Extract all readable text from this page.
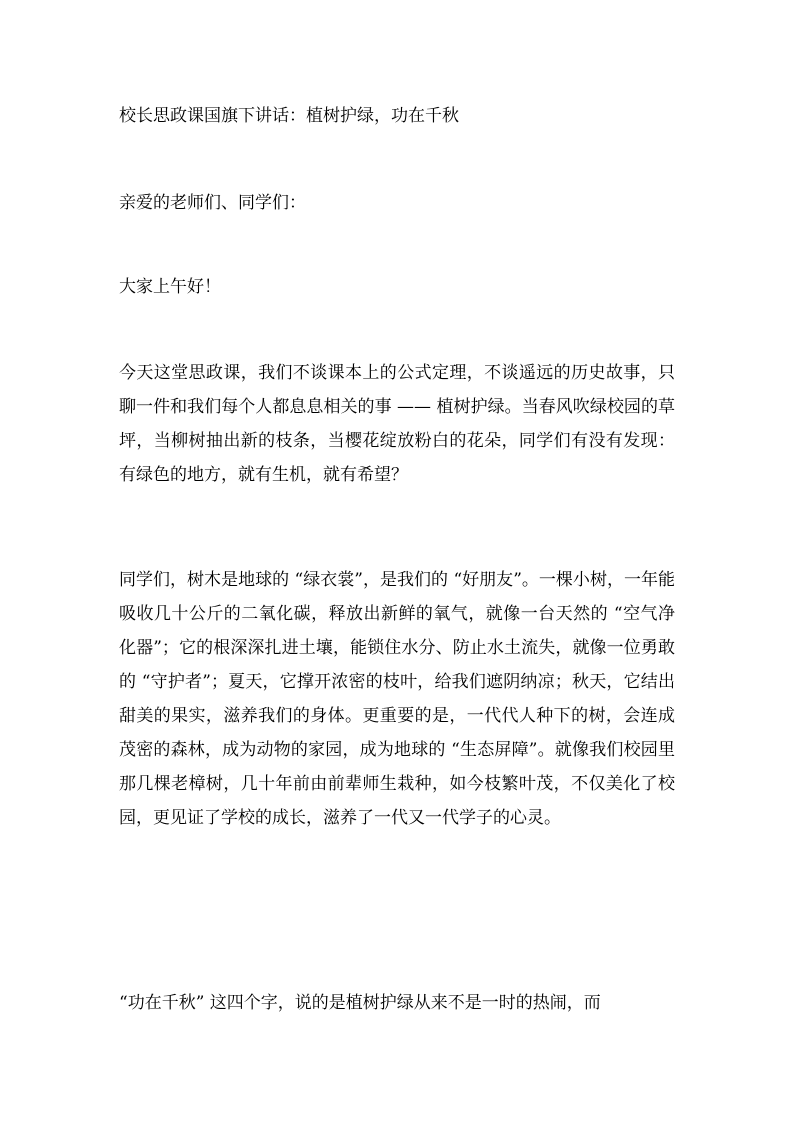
校长思政课国旗下讲话：植树护绿，功在千秋

亲爱的老师们、同学们：

大家上午好！

今天这堂思政课，我们不谈课本上的公式定理，不谈遥远的历史故事，只聊一件和我们每个人都息息相关的事 —— 植树护绿。当春风吹绿校园的草坪，当柳树抽出新的枝条，当樱花绽放粉白的花朵，同学们有没有发现：有绿色的地方，就有生机，就有希望？

同学们，树木是地球的 “绿衣裳”，是我们的 “好朋友”。一棵小树，一年能吸收几十公斤的二氧化碳，释放出新鲜的氧气，就像一台天然的 “空气净化器”；它的根深深扎进土壤，能锁住水分、防止水土流失，就像一位勇敢的 “守护者”；夏天，它撑开浓密的枝叶，给我们遮阴纳凉；秋天，它结出甜美的果实，滋养我们的身体。更重要的是，一代代人种下的树，会连成茂密的森林，成为动物的家园，成为地球的 “生态屏障”。就像我们校园里那几棵老樟树，几十年前由前辈师生栽种，如今枝繁叶茂，不仅美化了校园，更见证了学校的成长，滋养了一代又一代学子的心灵。

“功在千秋” 这四个字，说的是植树护绿从来不是一时的热闹，而
